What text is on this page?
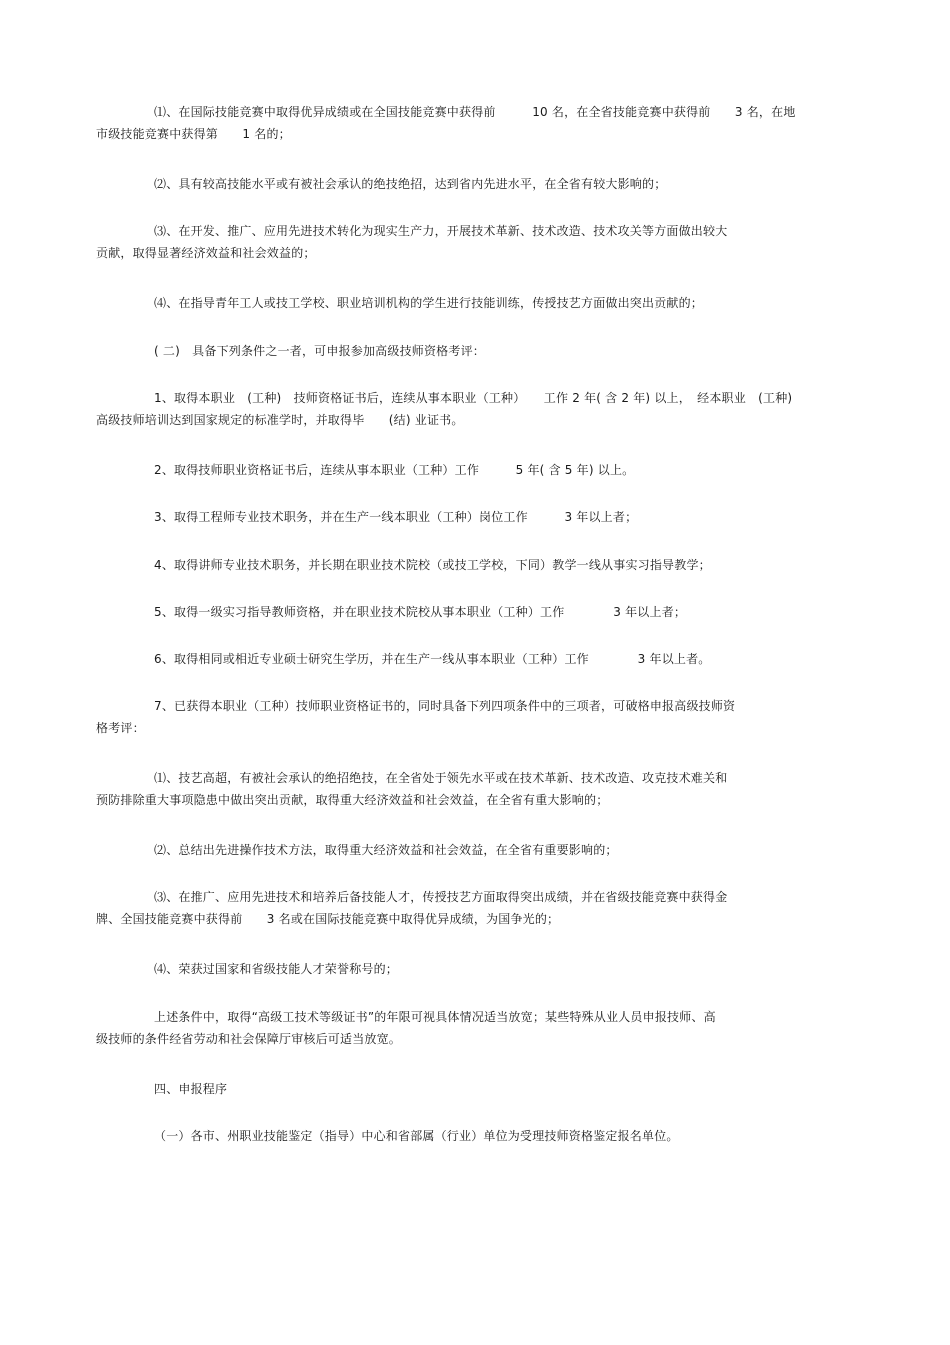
⑴、在国际技能竞赛中取得优异成绩或在全国技能竞赛中获得前　　　10 名，在全省技能竞赛中获得前　　3 名，在地
市级技能竞赛中获得第　　1 名的；
⑵、具有较高技能水平或有被社会承认的绝技绝招，达到省内先进水平，在全省有较大影响的；
⑶、在开发、推广、应用先进技术转化为现实生产力，开展技术革新、技术改造、技术攻关等方面做出较大
贡献，取得显著经济效益和社会效益的；
⑷、在指导青年工人或技工学校、职业培训机构的学生进行技能训练，传授技艺方面做出突出贡献的；
( 二)　具备下列条件之一者，可申报参加高级技师资格考评：
1、取得本职业　(工种)　技师资格证书后，连续从事本职业（工种）　　工作 2 年( 含 2 年) 以上，　经本职业　(工种)
高级技师培训达到国家规定的标准学时，并取得毕　　(结) 业证书。
2、取得技师职业资格证书后，连续从事本职业（工种）工作　　　5 年( 含 5 年) 以上。
3、取得工程师专业技术职务，并在生产一线本职业（工种）岗位工作　　　3 年以上者；
4、取得讲师专业技术职务，并长期在职业技术院校（或技工学校，下同）教学一线从事实习指导教学；
5、取得一级实习指导教师资格，并在职业技术院校从事本职业（工种）工作　　　　3 年以上者；
6、取得相同或相近专业硕士研究生学历，并在生产一线从事本职业（工种）工作　　　　3 年以上者。
7、已获得本职业（工种）技师职业资格证书的，同时具备下列四项条件中的三项者，可破格申报高级技师资
格考评：
⑴、技艺高超，有被社会承认的绝招绝技，在全省处于领先水平或在技术革新、技术改造、攻克技术难关和
预防排除重大事项隐患中做出突出贡献，取得重大经济效益和社会效益，在全省有重大影响的；
⑵、总结出先进操作技术方法，取得重大经济效益和社会效益，在全省有重要影响的；
⑶、在推广、应用先进技术和培养后备技能人才，传授技艺方面取得突出成绩，并在省级技能竞赛中获得金
牌、全国技能竞赛中获得前　　3 名或在国际技能竞赛中取得优异成绩，为国争光的；
⑷、荣获过国家和省级技能人才荣誉称号的；
上述条件中，取得“高级工技术等级证书”的年限可视具体情况适当放宽；某些特殊从业人员申报技师、高
级技师的条件经省劳动和社会保障厅审核后可适当放宽。
四、申报程序
（一）各市、州职业技能鉴定（指导）中心和省部属（行业）单位为受理技师资格鉴定报名单位。
